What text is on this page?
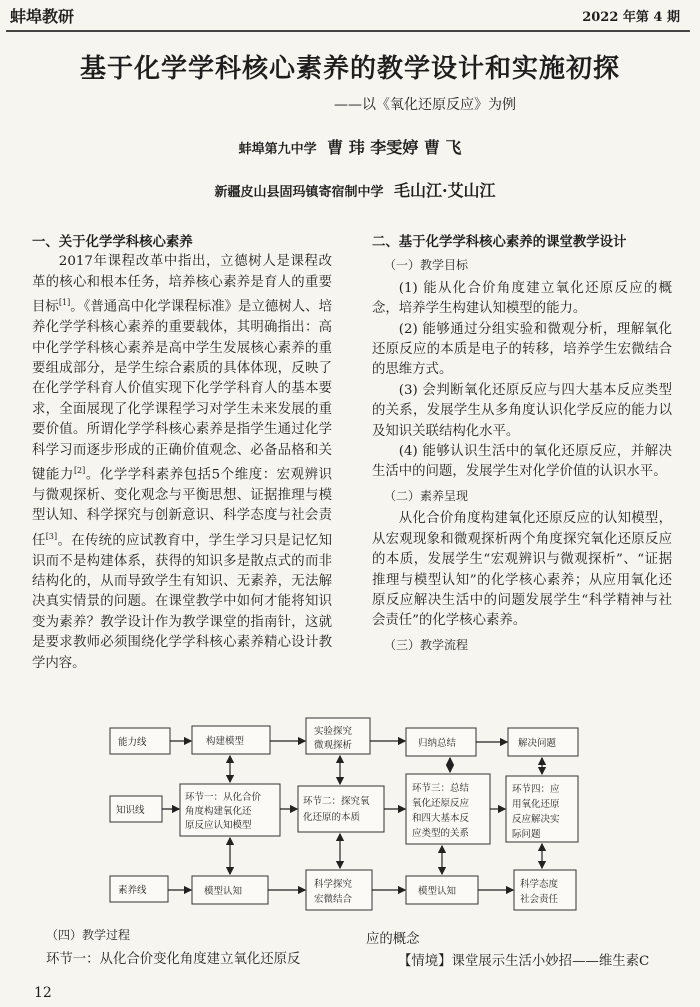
蚌埠教研	2022 年第 4 期
基于化学学科核心素养的教学设计和实施初探
——以《氧化还原反应》为例
蚌埠第九中学 曹 玮 李雯婷 曹 飞
新疆皮山县固玛镇寄宿制中学 毛山江·艾山江

一、关于化学学科核心素养

2017年课程改革中指出，立德树人是课程改革的核心和根本任务，培养核心素养是育人的重要目标[1]。《普通高中化学课程标准》是立德树人、培养化学学科核心素养的重要载体，其明确指出：高中化学学科核心素养是高中学生发展核心素养的重要组成部分，是学生综合素质的具体体现，反映了在化学学科育人价值实现下化学学科育人的基本要求，全面展现了化学课程学习对学生未来发展的重要价值。所谓化学学科核心素养是指学生通过化学科学习而逐步形成的正确价值观念、必备品格和关键能力[2]。化学学科素养包括5个维度：宏观辨识与微观探析、变化观念与平衡思想、证据推理与模型认知、科学探究与创新意识、科学态度与社会责任[3]。在传统的应试教育中，学生学习只是记忆知识而不是构建体系，获得的知识多是散点式的而非结构化的，从而导致学生有知识、无素养，无法解决真实情景的问题。在课堂教学中如何才能将知识变为素养？教学设计作为教学课堂的指南针，这就是要求教师必须围绕化学学科核心素养精心设计教学内容。

二、基于化学学科核心素养的课堂教学设计

（一）教学目标

(1) 能从化合价角度建立氧化还原反应的概念，培养学生构建认知模型的能力。

(2) 能够通过分组实验和微观分析，理解氧化还原反应的本质是电子的转移，培养学生宏微结合的思维方式。

(3) 会判断氧化还原反应与四大基本反应类型的关系，发展学生从多角度认识化学反应的能力以及知识关联结构化水平。

(4) 能够认识生活中的氧化还原反应，并解决生活中的问题，发展学生对化学价值的认识水平。

（二）素养呈现

从化合价角度构建氧化还原反应的认知模型，从宏观现象和微观探析两个角度探究氧化还原反应的本质，发展学生“宏观辨识与微观探析”、“证据推理与模型认知”的化学核心素养；从应用氧化还原反应解决生活中的问题发展学生“科学精神与社会责任”的化学核心素养。

（三）教学流程

能力线	构建模型
实验探究
微观探析	归纳总结	解决问题
知识线
环节一：从化合价
角度构建氧化还
原反应认知模型
环节二：探究氧
化还原的本质
环节三：总结
氧化还原反应
和四大基本反
应类型的关系
环节四：应
用氧化还原
反应解决实
际问题
素养线	模型认知
科学探究
宏微结合
模型认知
科学态度
社会责任
（四）教学过程
环节一：从化合价变化角度建立氧化还原反
应的概念
【情境】课堂展示生活小妙招——维生素C
12
